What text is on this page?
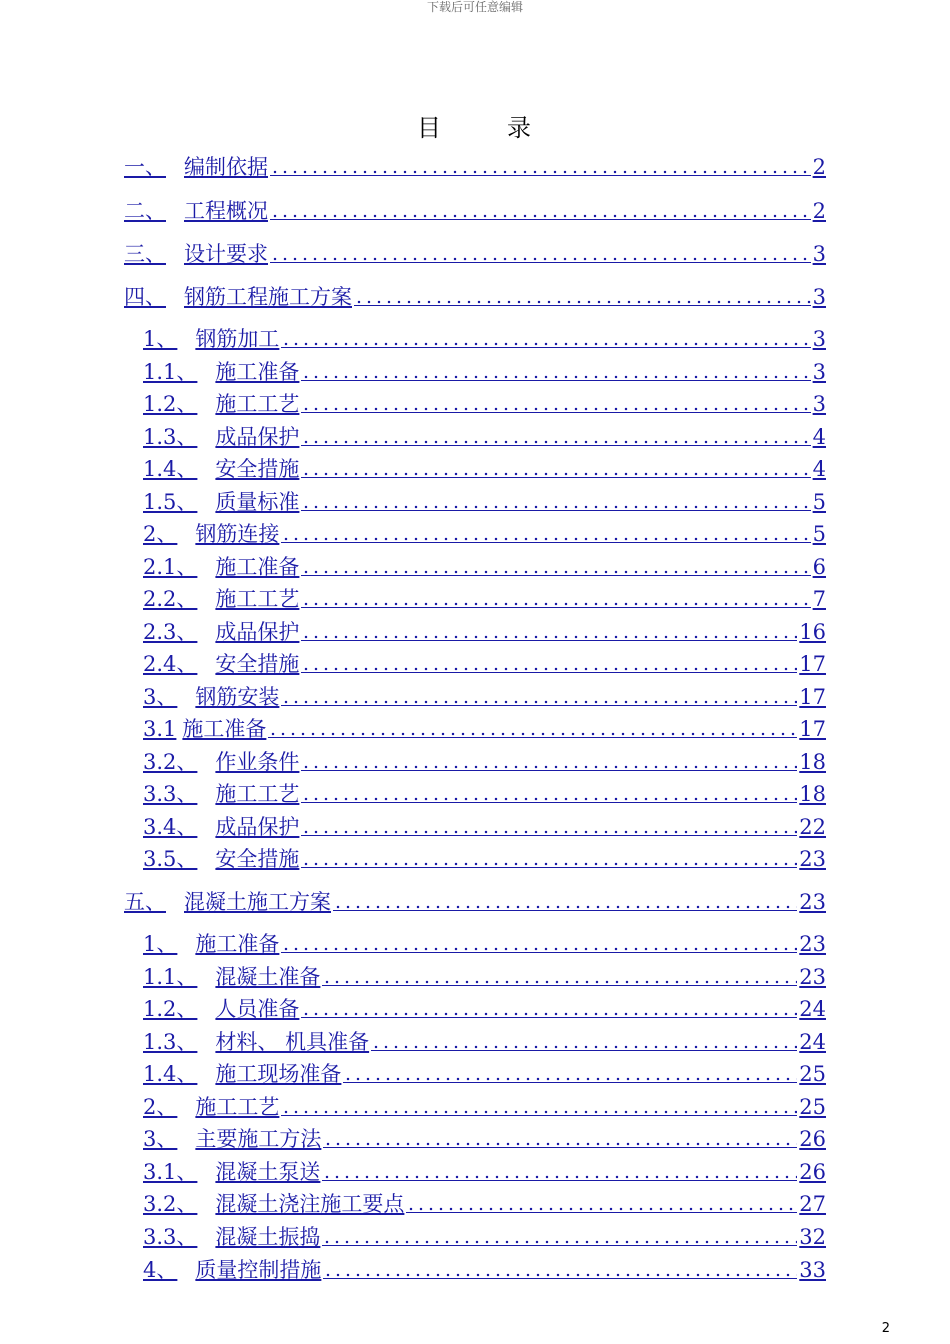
下载后可任意编辑
目	录
一、 编制依据	2
二、 工程概况	2
三、 设计要求	3
四、 钢筋工程施工方案	3
1、 钢筋加工	3
1.1、 施工准备	3
1.2、 施工工艺	3
1.3、 成品保护	4
1.4、 安全措施	4
1.5、 质量标准	5
2、 钢筋连接	5
2.1、 施工准备	6
2.2、 施工工艺	7
2.3、 成品保护	16
2.4、 安全措施	17
3、 钢筋安装	17
3.1 施工准备	17
3.2、 作业条件	18
3.3、 施工工艺	18
3.4、 成品保护	22
3.5、 安全措施	23
五、 混凝土施工方案	23
1、 施工准备	23
1.1、 混凝土准备	23
1.2、 人员准备	24
1.3、 材料、 机具准备	24
1.4、 施工现场准备	25
2、 施工工艺	25
3、 主要施工方法	26
3.1、 混凝土泵送	26
3.2、 混凝土浇注施工要点	27
3.3、 混凝土振捣	32
4、 质量控制措施	33
2
